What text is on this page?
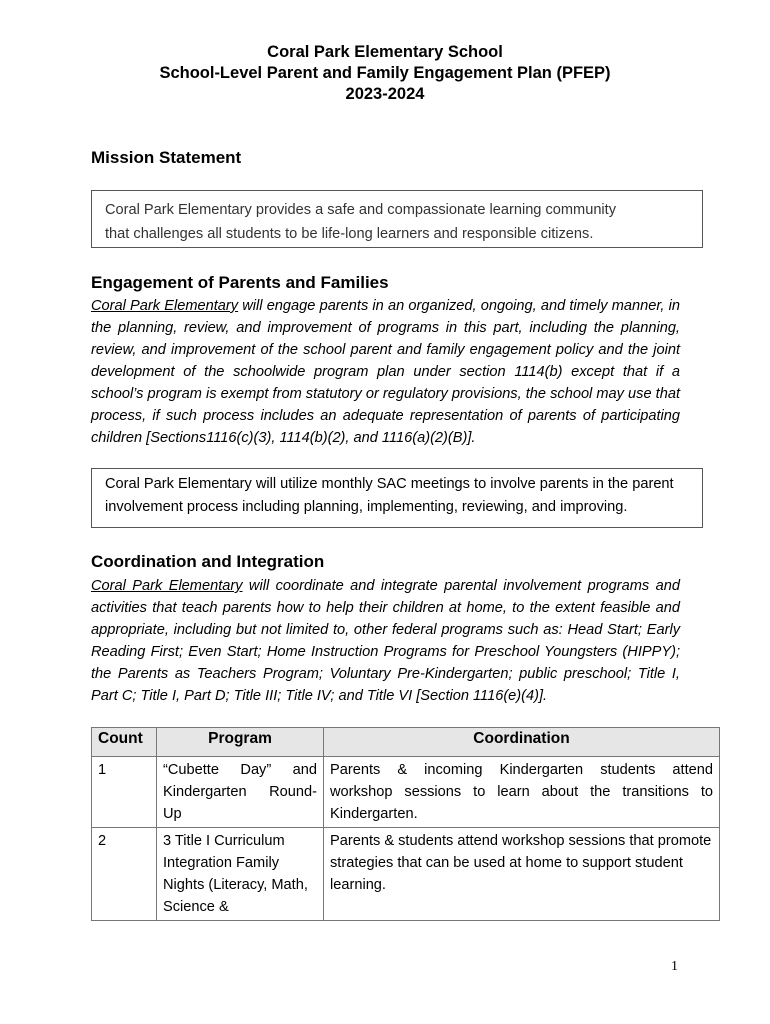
Coral Park Elementary School
School-Level Parent and Family Engagement Plan (PFEP)
2023-2024
Mission Statement
Coral Park Elementary provides a safe and compassionate learning community
that challenges all students to be life-long learners and responsible citizens.
Engagement of Parents and Families
Coral Park Elementary will engage parents in an organized, ongoing, and timely manner, in the planning, review, and improvement of programs in this part, including the planning, review, and improvement of the school parent and family engagement policy and the joint development of the schoolwide program plan under section 1114(b) except that if a school’s program is exempt from statutory or regulatory provisions, the school may use that process, if such process includes an adequate representation of parents of participating children [Sections1116(c)(3), 1114(b)(2), and 1116(a)(2)(B)].
Coral Park Elementary will utilize monthly SAC meetings to involve parents in the parent involvement process including planning, implementing, reviewing, and improving.
Coordination and Integration
Coral Park Elementary will coordinate and integrate parental involvement programs and activities that teach parents how to help their children at home, to the extent feasible and appropriate, including but not limited to, other federal programs such as: Head Start; Early Reading First; Even Start; Home Instruction Programs for Preschool Youngsters (HIPPY); the Parents as Teachers Program; Voluntary Pre-Kindergarten; public preschool; Title I, Part C; Title I, Part D; Title III; Title IV; and Title VI [Section 1116(e)(4)].
Count	Program	Coordination
1	“Cubette Day” and Kindergarten Round-Up	Parents & incoming Kindergarten students attend workshop sessions to learn about the transitions to Kindergarten.
2	3 Title I Curriculum Integration Family Nights (Literacy, Math, Science &	Parents & students attend workshop sessions that promote strategies that can be used at home to support student learning.
1
